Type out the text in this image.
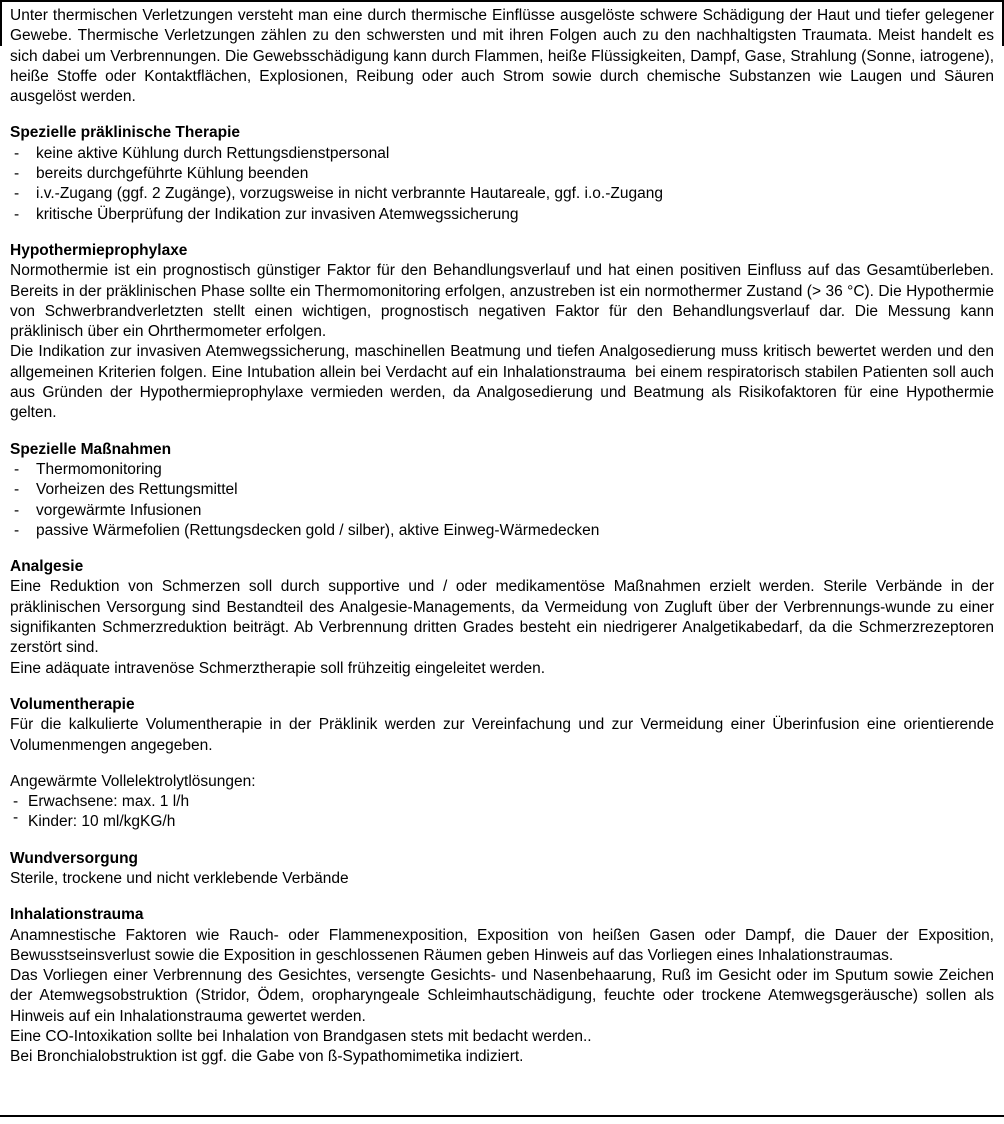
Unter thermischen Verletzungen versteht man eine durch thermische Einflüsse ausgelöste schwere Schädigung der Haut und tiefer gelegener Gewebe. Thermische Verletzungen zählen zu den schwersten und mit ihren Folgen auch zu den nachhaltigsten Traumata. Meist handelt es sich dabei um Verbrennungen. Die Gewebsschädigung kann durch Flammen, heiße Flüssigkeiten, Dampf, Gase, Strahlung (Sonne, iatrogene), heiße Stoffe oder Kontaktflächen, Explosionen, Reibung oder auch Strom sowie durch chemische Substanzen wie Laugen und Säuren ausgelöst werden.

Spezielle präklinische Therapie
-	keine aktive Kühlung durch Rettungsdienstpersonal
-	bereits durchgeführte Kühlung beenden
-	i.v.-Zugang (ggf. 2 Zugänge), vorzugsweise in nicht verbrannte Hautareale, ggf. i.o.-Zugang
-	kritische Überprüfung der Indikation zur invasiven Atemwegssicherung
Hypothermieprophylaxe

Normothermie ist ein prognostisch günstiger Faktor für den Behandlungsverlauf und hat einen positiven Einfluss auf das Gesamtüberleben. Bereits in der präklinischen Phase sollte ein Thermomonitoring erfolgen, anzustreben ist ein normothermer Zustand (> 36 °C). Die Hypothermie von Schwerbrandverletzten stellt einen wichtigen, prognostisch negativen Faktor für den Behandlungsverlauf dar. Die Messung kann präklinisch über ein Ohrthermometer erfolgen.

Die Indikation zur invasiven Atemwegssicherung, maschinellen Beatmung und tiefen Analgosedierung muss kritisch bewertet werden und den allgemeinen Kriterien folgen. Eine Intubation allein bei Verdacht auf ein Inhalationstrauma  bei einem respiratorisch stabilen Patienten soll auch aus Gründen der Hypothermieprophylaxe vermieden werden, da Analgosedierung und Beatmung als Risikofaktoren für eine Hypothermie gelten.

Spezielle Maßnahmen
-	Thermomonitoring
-	Vorheizen des Rettungsmittel
-	vorgewärmte Infusionen
-	passive Wärmefolien (Rettungsdecken gold / silber), aktive Einweg-Wärmedecken
Analgesie

Eine Reduktion von Schmerzen soll durch supportive und / oder medikamentöse Maßnahmen erzielt werden. Sterile Verbände in der präklinischen Versorgung sind Bestandteil des Analgesie-Managements, da Vermeidung von Zugluft über der Verbrennungs-wunde zu einer signifikanten Schmerzreduktion beiträgt. Ab Verbrennung dritten Grades besteht ein niedrigerer Analgetikabedarf, da die Schmerzrezeptoren zerstört sind.

Eine adäquate intravenöse Schmerztherapie soll frühzeitig eingeleitet werden.

Volumentherapie

Für die kalkulierte Volumentherapie in der Präklinik werden zur Vereinfachung und zur Vermeidung einer Überinfusion eine orientierende Volumenmengen angegeben.

Angewärmte Vollelektrolytlösungen:

- Erwachsene: max. 1 l/h
- Kinder: 10 ml/kgKG/h
Wundversorgung

Sterile, trockene und nicht verklebende Verbände

Inhalationstrauma

Anamnestische Faktoren wie Rauch- oder Flammenexposition, Exposition von heißen Gasen oder Dampf, die Dauer der Exposition, Bewusstseinsverlust sowie die Exposition in geschlossenen Räumen geben Hinweis auf das Vorliegen eines Inhalationstraumas.

Das Vorliegen einer Verbrennung des Gesichtes, versengte Gesichts- und Nasenbehaarung, Ruß im Gesicht oder im Sputum sowie Zeichen der Atemwegsobstruktion (Stridor, Ödem, oropharyngeale Schleimhautschädigung, feuchte oder trockene Atemwegsgeräusche) sollen als Hinweis auf ein Inhalationstrauma gewertet werden.

Eine CO-Intoxikation sollte bei Inhalation von Brandgasen stets mit bedacht werden..

Bei Bronchialobstruktion ist ggf. die Gabe von ß-Sypathomimetika indiziert.
